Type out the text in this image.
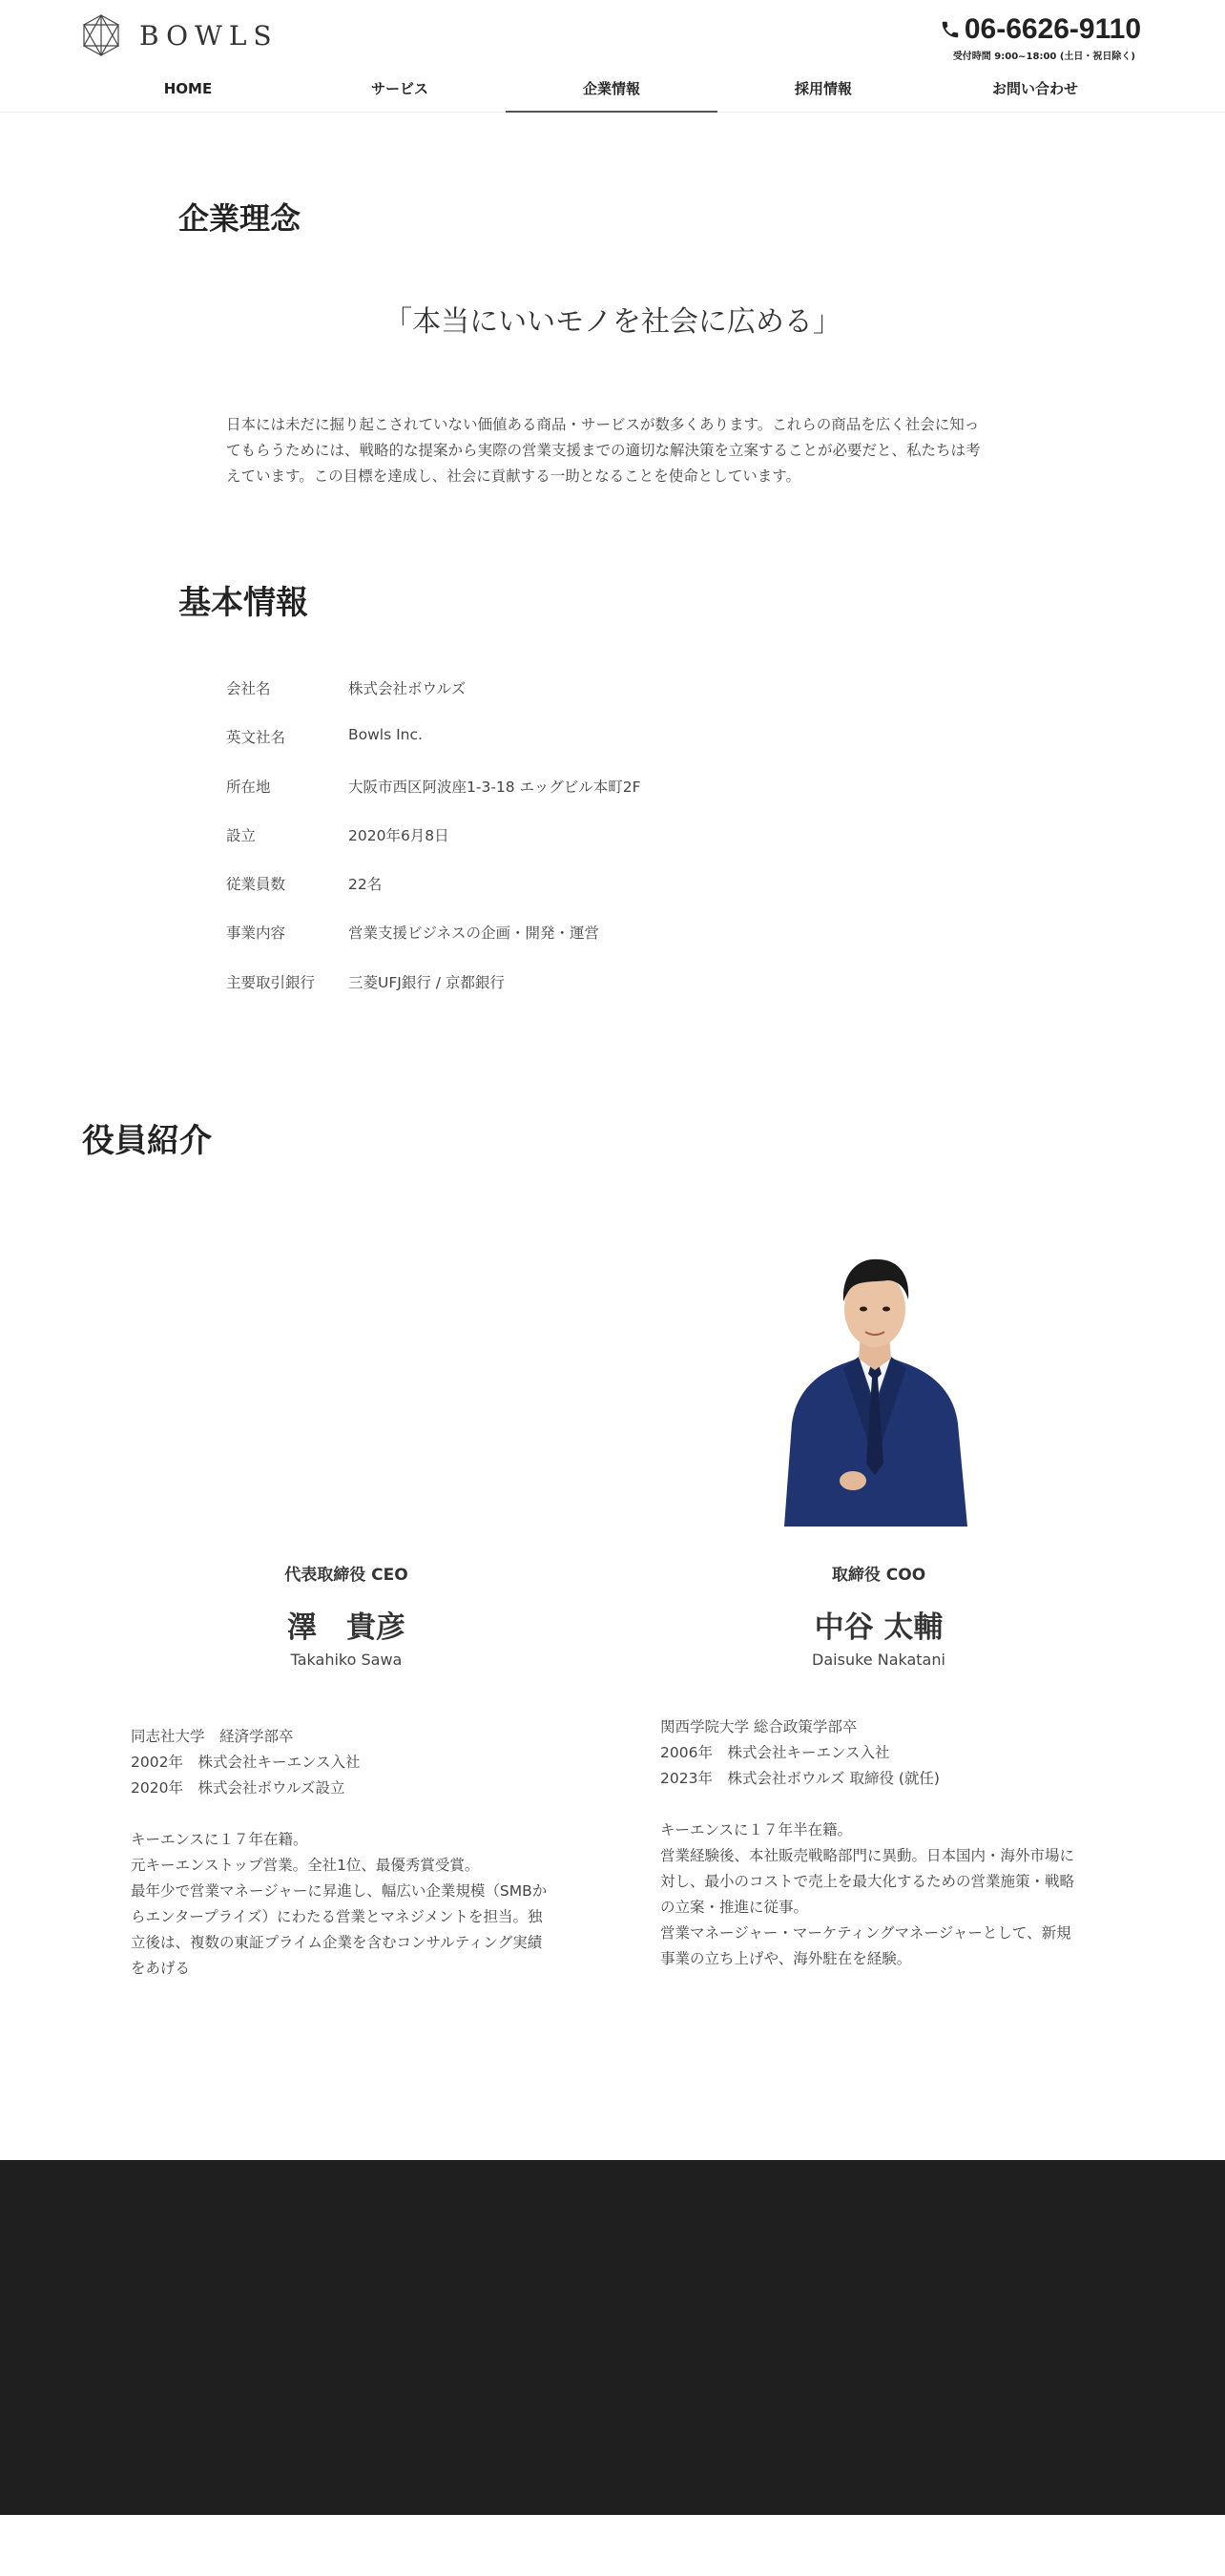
BOWLS	06-6626-9110
受付時間 9:00~18:00 (土日・祝日除く)
HOME	サービス	企業情報	採用情報	お問い合わせ
企業理念
「本当にいいモノを社会に広める」

日本には未だに掘り起こされていない価値ある商品・サービスが数多くあります。これらの商品を広く社会に知ってもらうためには、戦略的な提案から実際の営業支援までの適切な解決策を立案することが必要だと、私たちは考えています。この目標を達成し、社会に貢献する一助となることを使命としています。

基本情報
会社名	株式会社ボウルズ
英文社名	Bowls Inc.
所在地	大阪市西区阿波座1-3-18 エッグビル本町2F
設立	2020年6月8日
従業員数	22名
事業内容	営業支援ビジネスの企画・開発・運営
主要取引銀行	三菱UFJ銀行 / 京都銀行
役員紹介
代表取締役 CEO
澤　貴彦
Takahiko Sawa
取締役 COO
中谷 太輔
Daisuke Nakatani
同志社大学　経済学部卒
2002年　株式会社キーエンス入社
2020年　株式会社ボウルズ設立
キーエンスに１７年在籍。
元キーエンストップ営業。全社1位、最優秀賞受賞。
最年少で営業マネージャーに昇進し、幅広い企業規模（SMBか
らエンタープライズ）にわたる営業とマネジメントを担当。独
立後は、複数の東証プライム企業を含むコンサルティング実績
をあげる
関西学院大学 総合政策学部卒
2006年　株式会社キーエンス入社
2023年　株式会社ボウルズ 取締役 (就任)
キーエンスに１７年半在籍。
営業経験後、本社販売戦略部門に異動。日本国内・海外市場に
対し、最小のコストで売上を最大化するための営業施策・戦略
の立案・推進に従事。
営業マネージャー・マーケティングマネージャーとして、新規
事業の立ち上げや、海外駐在を経験。
